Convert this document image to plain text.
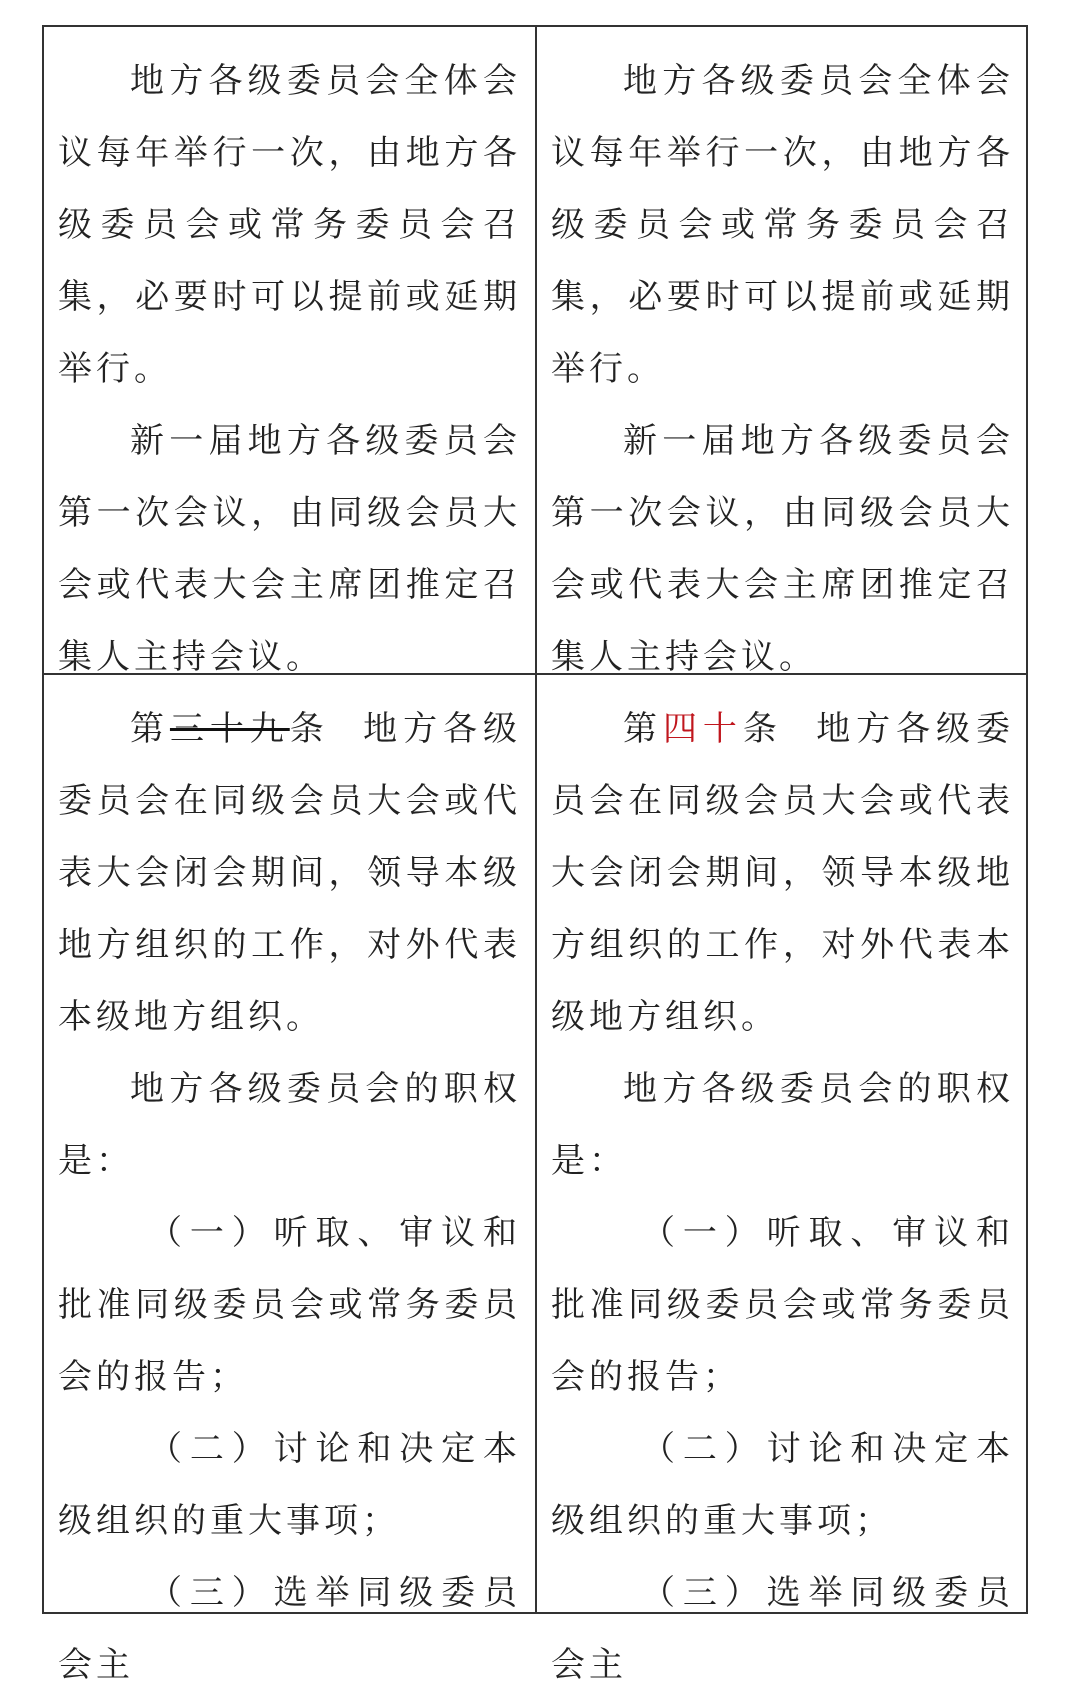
地方各级委员会全体会议每年举行一次，由地方各级委员会或常务委员会召集，必要时可以提前或延期举行。

新一届地方各级委员会第一次会议，由同级会员大会或代表大会主席团推定召集人主持会议。

地方各级委员会全体会议每年举行一次，由地方各级委员会或常务委员会召集，必要时可以提前或延期举行。

新一届地方各级委员会第一次会议，由同级会员大会或代表大会主席团推定召集人主持会议。

第三十九条  地方各级委员会在同级会员大会或代表大会闭会期间，领导本级地方组织的工作，对外代表本级地方组织。

地方各级委员会的职权是：

（一）听取、审议和批准同级委员会或常务委员会的报告；

（二）讨论和决定本级组织的重大事项；

（三）选举同级委员会主

第四十条  地方各级委员会在同级会员大会或代表大会闭会期间，领导本级地方组织的工作，对外代表本级地方组织。

地方各级委员会的职权是：

（一）听取、审议和批准同级委员会或常务委员会的报告；

（二）讨论和决定本级组织的重大事项；

（三）选举同级委员会主
